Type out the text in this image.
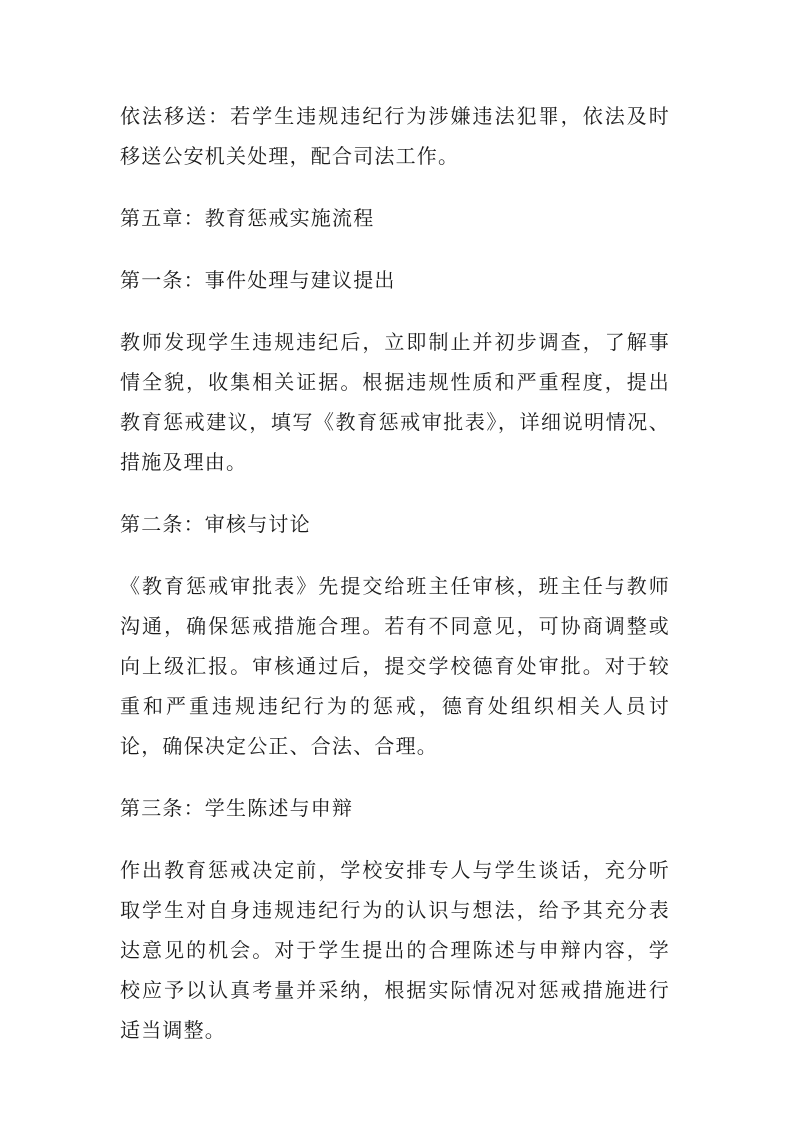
依法移送：若学生违规违纪行为涉嫌违法犯罪，依法及时移送公安机关处理，配合司法工作。

第五章：教育惩戒实施流程

第一条：事件处理与建议提出

教师发现学生违规违纪后，立即制止并初步调查，了解事情全貌，收集相关证据。根据违规性质和严重程度，提出教育惩戒建议，填写《教育惩戒审批表》，详细说明情况、措施及理由。

第二条：审核与讨论

《教育惩戒审批表》先提交给班主任审核，班主任与教师沟通，确保惩戒措施合理。若有不同意见，可协商调整或向上级汇报。审核通过后，提交学校德育处审批。对于较重和严重违规违纪行为的惩戒，德育处组织相关人员讨论，确保决定公正、合法、合理。

第三条：学生陈述与申辩

作出教育惩戒决定前，学校安排专人与学生谈话，充分听取学生对自身违规违纪行为的认识与想法，给予其充分表达意见的机会。对于学生提出的合理陈述与申辩内容，学校应予以认真考量并采纳，根据实际情况对惩戒措施进行适当调整。
